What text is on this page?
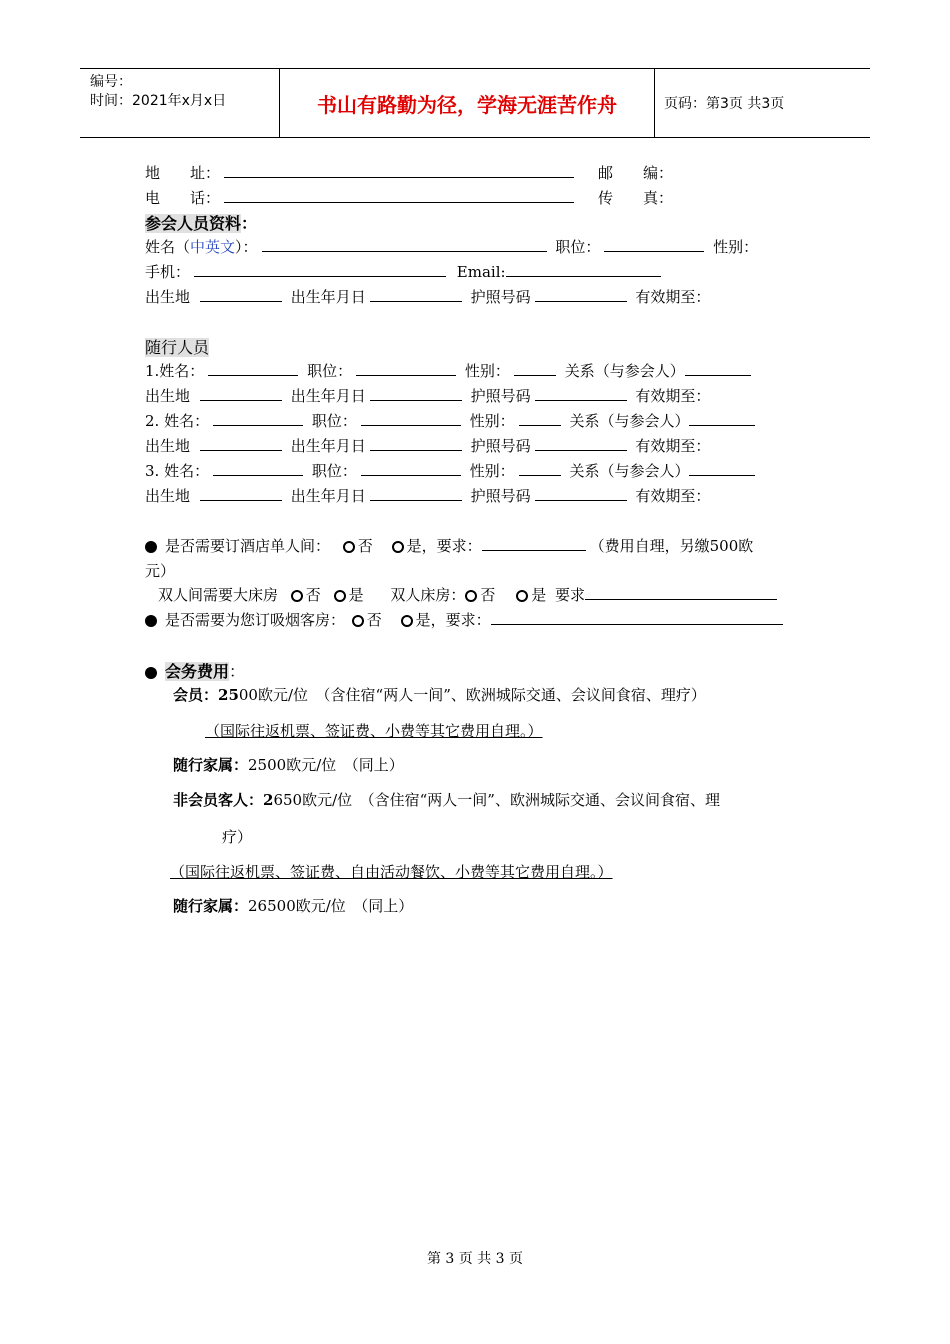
编号：
时间：2021年x月x日	书山有路勤为径，学海无涯苦作舟	页码：第3页 共3页
地　　址：	邮　　编：
电　　话：	传　　真：
参会人员资料：
姓名（中英文）：	职位：	性别：
手机：	Email:
出生地	出生年月日	护照号码	有效期至：
随行人员
1.姓名：	职位：	性别：	关系（与参会人）
出生地	出生年月日	护照号码	有效期至：
2. 姓名：	职位：	性别：	关系（与参会人）
出生地	出生年月日	护照号码	有效期至：
3. 姓名：	职位：	性别：	关系（与参会人）
出生地	出生年月日	护照号码	有效期至：
是否需要订酒店单人间： 否 是，要求：	（费用自理，另缴500欧
元）
双人间需要大床房 否 是 双人床房： 否 是 要求
是否需要为您订吸烟客房： 否 是，要求：
会务费用：
会员：2500欧元/位　（含住宿“两人一间”、欧洲城际交通、会议间食宿、理疗）
（国际往返机票、签证费、小费等其它费用自理。）
随行家属：2500欧元/位　（同上）
非会员客人：2650欧元/位　（含住宿“两人一间”、欧洲城际交通、会议间食宿、理
疗）
（国际往返机票、签证费、自由活动餐饮、小费等其它费用自理。）
随行家属：26500欧元/位　（同上）
第 3 页 共 3 页
